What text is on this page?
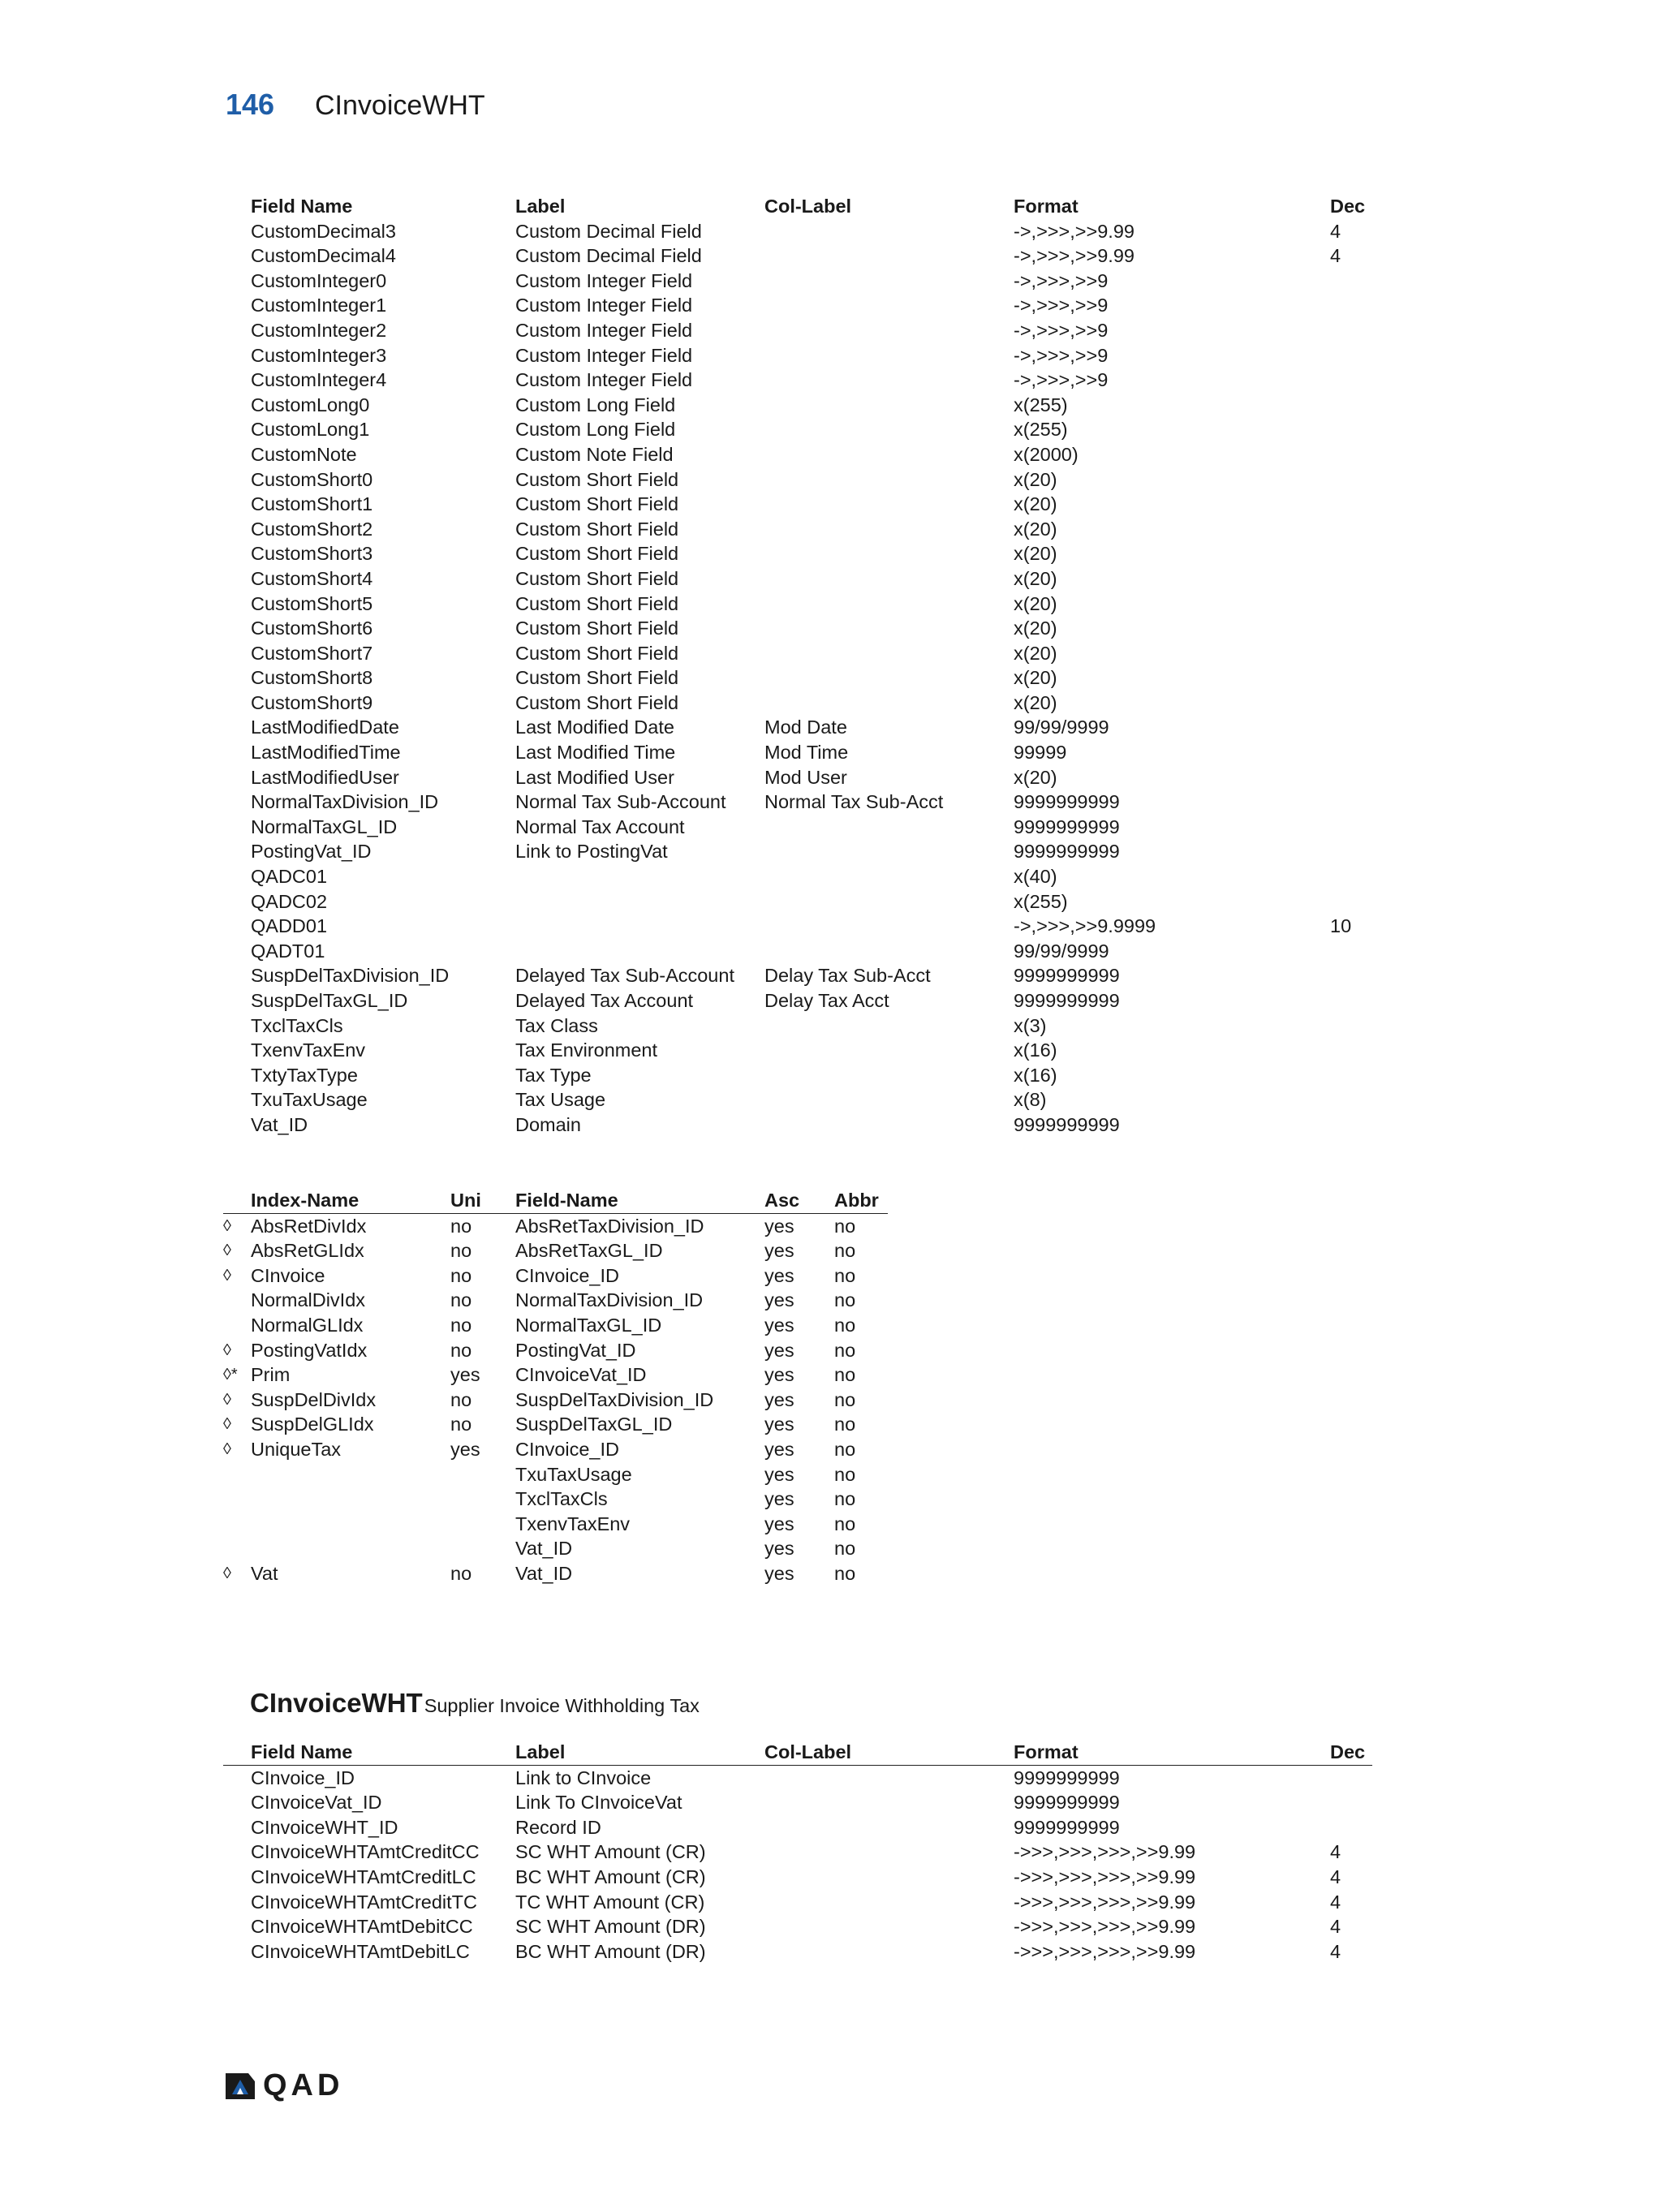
146	CInvoiceWHT
	Field Name	Label	Col-Label	Format	Dec
	CustomDecimal3	Custom Decimal Field		->,>>>,>>9.99	4
	CustomDecimal4	Custom Decimal Field		->,>>>,>>9.99	4
	CustomInteger0	Custom Integer Field		->,>>>,>>9	
	CustomInteger1	Custom Integer Field		->,>>>,>>9	
	CustomInteger2	Custom Integer Field		->,>>>,>>9	
	CustomInteger3	Custom Integer Field		->,>>>,>>9	
	CustomInteger4	Custom Integer Field		->,>>>,>>9	
	CustomLong0	Custom Long Field		x(255)	
	CustomLong1	Custom Long Field		x(255)	
	CustomNote	Custom Note Field		x(2000)	
	CustomShort0	Custom Short Field		x(20)	
	CustomShort1	Custom Short Field		x(20)	
	CustomShort2	Custom Short Field		x(20)	
	CustomShort3	Custom Short Field		x(20)	
	CustomShort4	Custom Short Field		x(20)	
	CustomShort5	Custom Short Field		x(20)	
	CustomShort6	Custom Short Field		x(20)	
	CustomShort7	Custom Short Field		x(20)	
	CustomShort8	Custom Short Field		x(20)	
	CustomShort9	Custom Short Field		x(20)	
	LastModifiedDate	Last Modified Date	Mod Date	99/99/9999	
	LastModifiedTime	Last Modified Time	Mod Time	99999	
	LastModifiedUser	Last Modified User	Mod User	x(20)	
	NormalTaxDivision_ID	Normal Tax Sub-Account	Normal Tax Sub-Acct	9999999999	
	NormalTaxGL_ID	Normal Tax Account		9999999999	
	PostingVat_ID	Link to PostingVat		9999999999	
	QADC01			x(40)	
	QADC02			x(255)	
	QADD01			->,>>>,>>9.9999	10
	QADT01			99/99/9999	
	SuspDelTaxDivision_ID	Delayed Tax Sub-Account	Delay Tax Sub-Acct	9999999999	
	SuspDelTaxGL_ID	Delayed Tax Account	Delay Tax Acct	9999999999	
	TxclTaxCls	Tax Class		x(3)	
	TxenvTaxEnv	Tax Environment		x(16)	
	TxtyTaxType	Tax Type		x(16)	
	TxuTaxUsage	Tax Usage		x(8)	
	Vat_ID	Domain		9999999999	
	Index-Name	Uni	Field-Name	Asc	Abbr
◊	AbsRetDivIdx	no	AbsRetTaxDivision_ID	yes	no
◊	AbsRetGLIdx	no	AbsRetTaxGL_ID	yes	no
◊	CInvoice	no	CInvoice_ID	yes	no
	NormalDivIdx	no	NormalTaxDivision_ID	yes	no
	NormalGLIdx	no	NormalTaxGL_ID	yes	no
◊	PostingVatIdx	no	PostingVat_ID	yes	no
◊*	Prim	yes	CInvoiceVat_ID	yes	no
◊	SuspDelDivIdx	no	SuspDelTaxDivision_ID	yes	no
◊	SuspDelGLIdx	no	SuspDelTaxGL_ID	yes	no
◊	UniqueTax	yes	CInvoice_ID	yes	no
			TxuTaxUsage	yes	no
			TxclTaxCls	yes	no
			TxenvTaxEnv	yes	no
			Vat_ID	yes	no
◊	Vat	no	Vat_ID	yes	no
CInvoiceWHT Supplier Invoice Withholding Tax
	Field Name	Label	Col-Label	Format	Dec
	CInvoice_ID	Link to CInvoice		9999999999	
	CInvoiceVat_ID	Link To CInvoiceVat		9999999999	
	CInvoiceWHT_ID	Record ID		9999999999	
	CInvoiceWHTAmtCreditCC	SC WHT Amount (CR)		->>>,>>>,>>>,>>9.99	4
	CInvoiceWHTAmtCreditLC	BC WHT Amount (CR)		->>>,>>>,>>>,>>9.99	4
	CInvoiceWHTAmtCreditTC	TC WHT Amount (CR)		->>>,>>>,>>>,>>9.99	4
	CInvoiceWHTAmtDebitCC	SC WHT Amount (DR)		->>>,>>>,>>>,>>9.99	4
	CInvoiceWHTAmtDebitLC	BC WHT Amount (DR)		->>>,>>>,>>>,>>9.99	4
QAD
